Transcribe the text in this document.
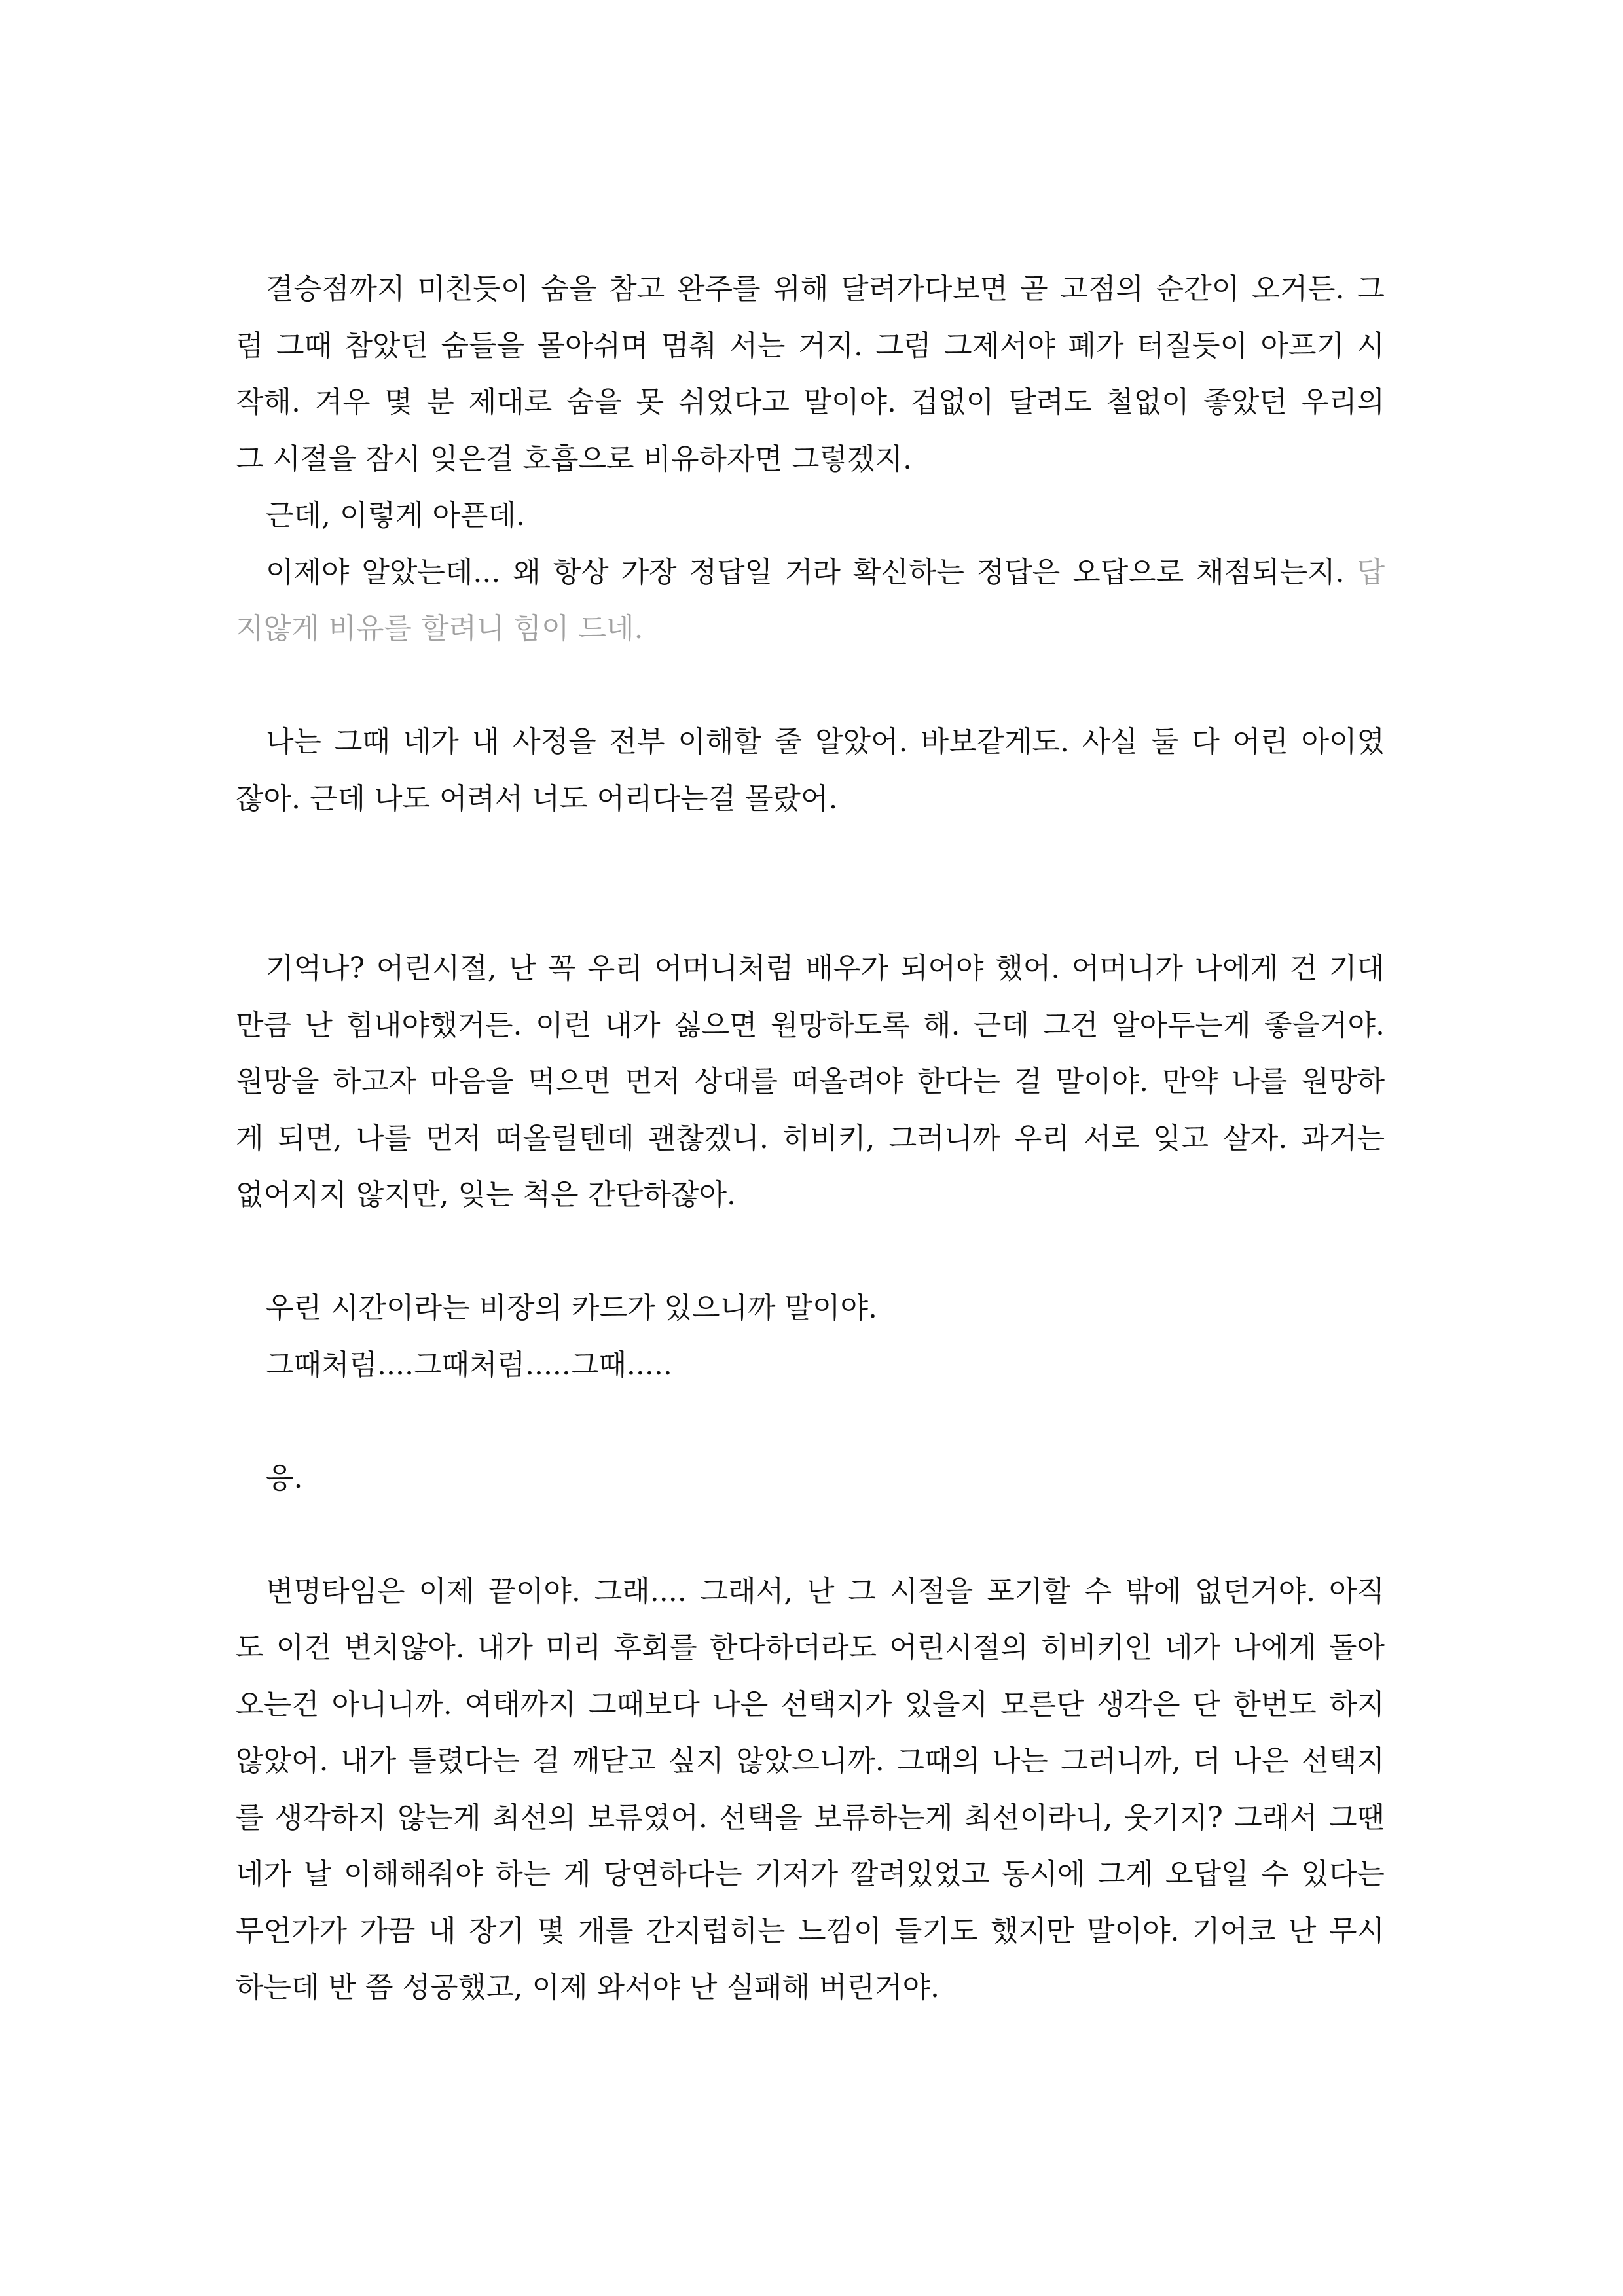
결승점까지 미친듯이 숨을 참고 완주를 위해 달려가다보면 곧 고점의 순간이 오거든. 그
럼 그때 참았던 숨들을 몰아쉬며 멈춰 서는 거지. 그럼 그제서야 폐가 터질듯이 아프기 시
작해. 겨우 몇 분 제대로 숨을 못 쉬었다고 말이야. 겁없이 달려도 철없이 좋았던 우리의
그 시절을 잠시 잊은걸 호흡으로 비유하자면 그렇겠지.
근데, 이렇게 아픈데.
이제야 알았는데... 왜 항상 가장 정답일 거라 확신하는 정답은 오답으로 채점되는지. 답
지않게 비유를 할려니 힘이 드네.
나는 그때 네가 내 사정을 전부 이해할 줄 알았어. 바보같게도. 사실 둘 다 어린 아이였
잖아. 근데 나도 어려서 너도 어리다는걸 몰랐어.
기억나? 어린시절, 난 꼭 우리 어머니처럼 배우가 되어야 했어. 어머니가 나에게 건 기대
만큼 난 힘내야했거든. 이런 내가 싫으면 원망하도록 해. 근데 그건 알아두는게 좋을거야.
원망을 하고자 마음을 먹으면 먼저 상대를 떠올려야 한다는 걸 말이야. 만약 나를 원망하
게 되면, 나를 먼저 떠올릴텐데 괜찮겠니. 히비키, 그러니까 우리 서로 잊고 살자. 과거는
없어지지 않지만, 잊는 척은 간단하잖아.
우린 시간이라는 비장의 카드가 있으니까 말이야.
그때처럼....그때처럼.....그때.....
응.
변명타임은 이제 끝이야. 그래.... 그래서, 난 그 시절을 포기할 수 밖에 없던거야. 아직
도 이건 변치않아. 내가 미리 후회를 한다하더라도 어린시절의 히비키인 네가 나에게 돌아
오는건 아니니까. 여태까지 그때보다 나은 선택지가 있을지 모른단 생각은 단 한번도 하지
않았어. 내가 틀렸다는 걸 깨닫고 싶지 않았으니까. 그때의 나는 그러니까, 더 나은 선택지
를 생각하지 않는게 최선의 보류였어. 선택을 보류하는게 최선이라니, 웃기지? 그래서 그땐
네가 날 이해해줘야 하는 게 당연하다는 기저가 깔려있었고 동시에 그게 오답일 수 있다는
무언가가 가끔 내 장기 몇 개를 간지럽히는 느낌이 들기도 했지만 말이야. 기어코 난 무시
하는데 반 쯤 성공했고, 이제 와서야 난 실패해 버린거야.
